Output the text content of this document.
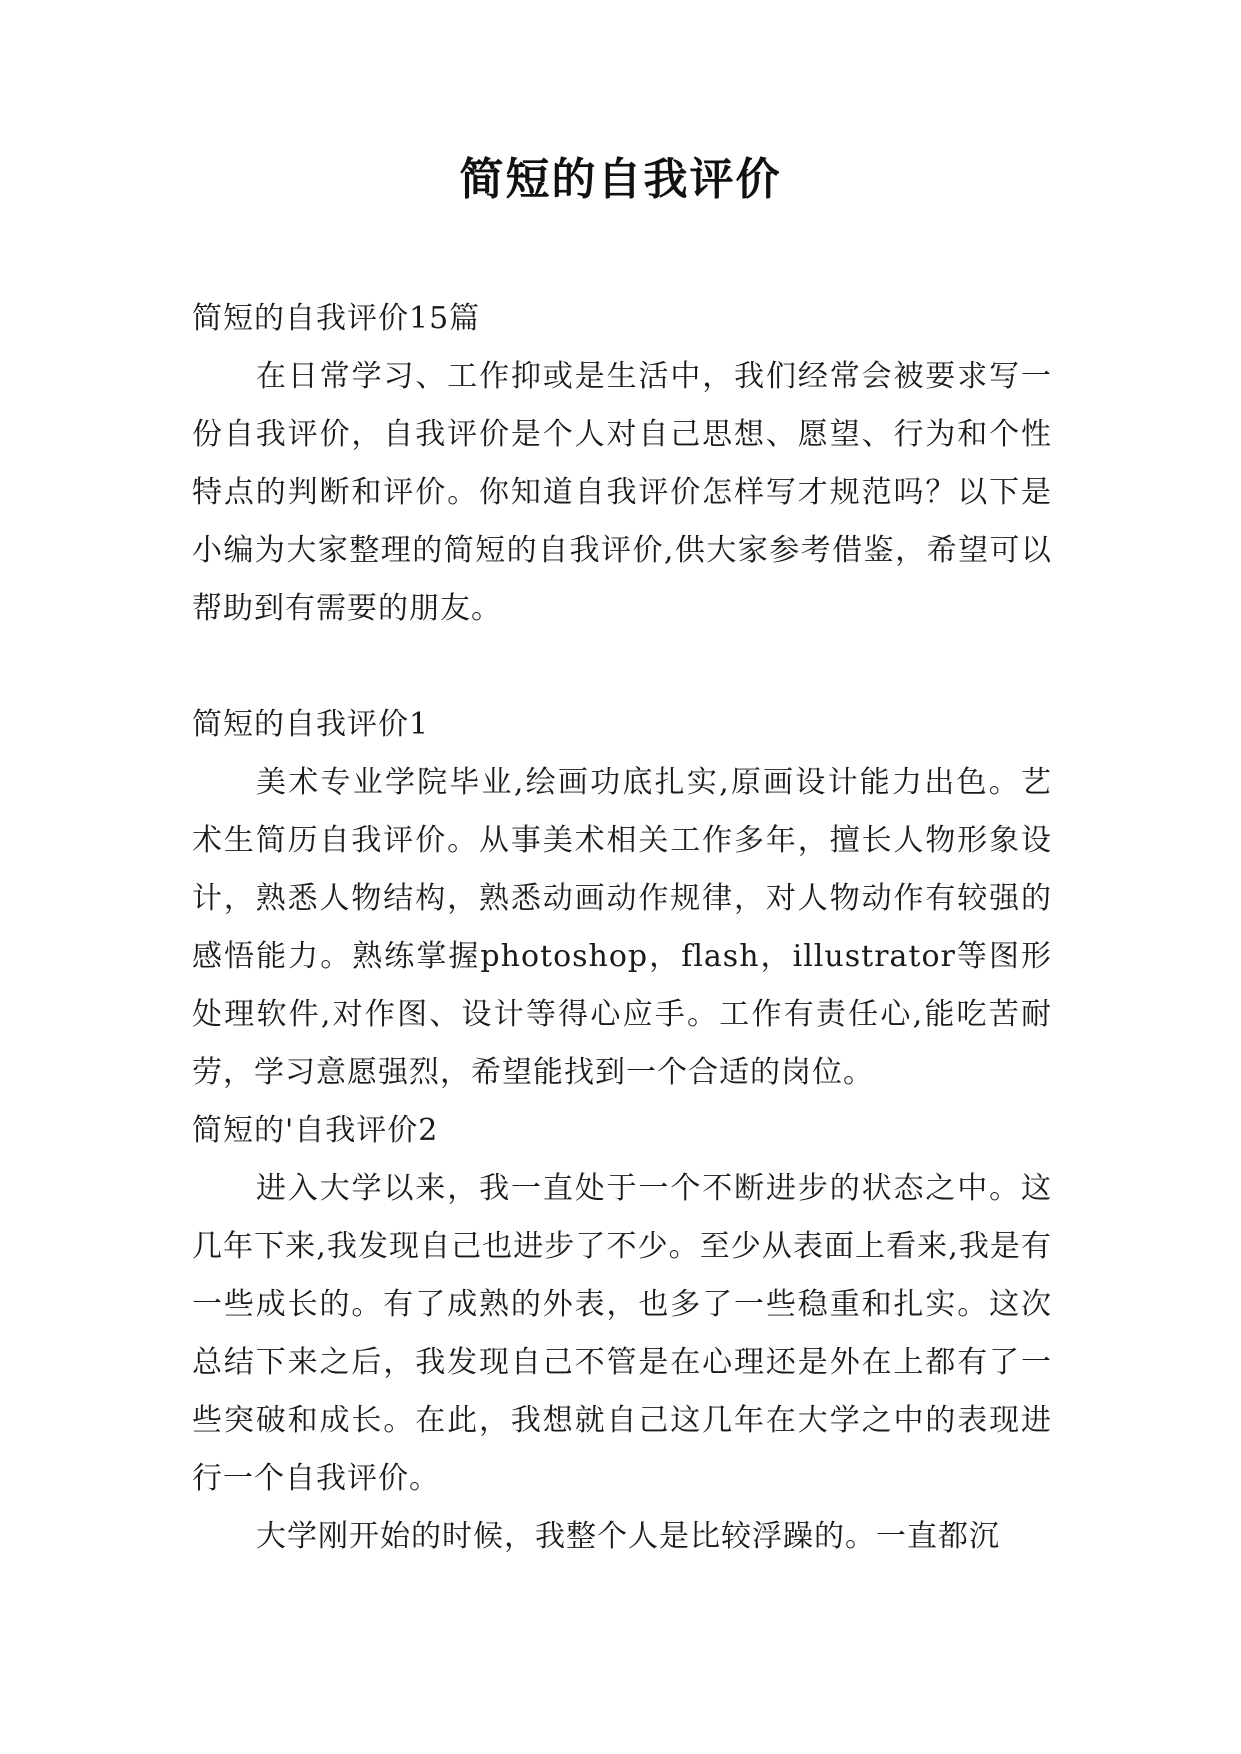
简短的自我评价

简短的自我评价15篇

在日常学习、工作抑或是生活中，我们经常会被要求写一份自我评价，自我评价是个人对自己思想、愿望、行为和个性特点的判断和评价。你知道自我评价怎样写才规范吗？以下是小编为大家整理的简短的自我评价,供大家参考借鉴，希望可以帮助到有需要的朋友。

简短的自我评价1

美术专业学院毕业,绘画功底扎实,原画设计能力出色。艺术生简历自我评价。从事美术相关工作多年，擅长人物形象设计，熟悉人物结构，熟悉动画动作规律，对人物动作有较强的感悟能力。熟练掌握photoshop，flash，illustrator等图形处理软件,对作图、设计等得心应手。工作有责任心,能吃苦耐劳，学习意愿强烈，希望能找到一个合适的岗位。

简短的'自我评价2

进入大学以来，我一直处于一个不断进步的状态之中。这几年下来,我发现自己也进步了不少。至少从表面上看来,我是有一些成长的。有了成熟的外表，也多了一些稳重和扎实。这次总结下来之后，我发现自己不管是在心理还是外在上都有了一些突破和成长。在此，我想就自己这几年在大学之中的表现进行一个自我评价。

大学刚开始的时候，我整个人是比较浮躁的。一直都沉
